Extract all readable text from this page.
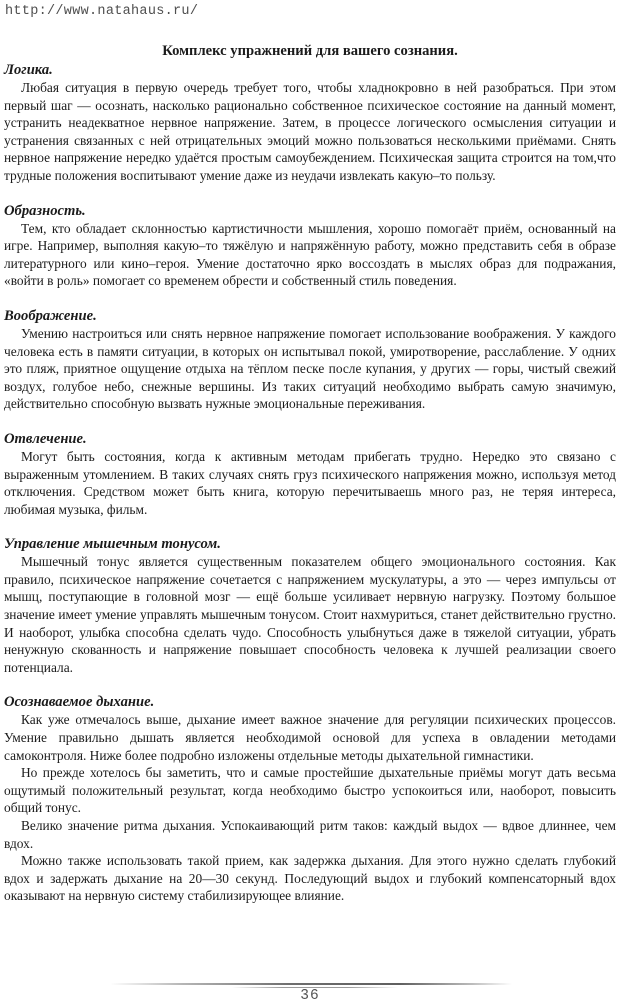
http://www.natahaus.ru/
Комплекс упражнений для вашего сознания.
Логика.

Любая ситуация в первую очередь требует того, чтобы хладнокровно в ней разобраться. При этом первый шаг — осознать, насколько рационально собственное психическое состояние на данный момент, устранить неадекватное нервное напряжение. Затем, в процессе логического осмысления ситуации и устранения связанных с ней отрицательных эмоций можно пользоваться несколькими приёмами. Снять нервное напряжение нередко удаётся простым самоубеждением. Психическая защита строится на том,что трудные положения воспитывают умение даже из неудачи извлекать какую–то пользу.

Образность.

Тем, кто обладает склонностью картистичности мышления, хорошо помогаёт приём, основанный на игре. Например, выполняя какую–то тяжёлую и напряжённую работу, можно представить себя в образе литературного или кино–героя. Умение достаточно ярко воссоздать в мыслях образ для подражания, «войти в роль» помогает со временем обрести и собственный стиль поведения.

Воображение.

Умению настроиться или снять нервное напряжение помогает использование воображения. У каждого человека есть в памяти ситуации, в которых он испытывал покой, умиротворение, расслабление. У одних это пляж, приятное ощущение отдыха на тёплом песке после купания, у других — горы, чистый свежий воздух, голубое небо, снежные вершины. Из таких ситуаций необходимо выбрать самую значимую, действительно способную вызвать нужные эмоциональные переживания.

Отвлечение.

Могут быть состояния, когда к активным методам прибегать трудно. Нередко это связано с выраженным утомлением. В таких случаях снять груз психического напряжения можно, используя метод отключения. Средством может быть книга, которую перечитываешь много раз, не теряя интереса, любимая музыка, фильм.

Управление мышечным тонусом.

Мышечный тонус является существенным показателем общего эмоционального состояния. Как правило, психическое напряжение сочетается с напряжением мускулатуры, а это — через импульсы от мышц, поступающие в головной мозг — ещё больше усиливает нервную нагрузку. Поэтому большое значение имеет умение управлять мышечным тонусом. Стоит нахмуриться, станет действительно грустно. И наоборот, улыбка способна сделать чудо. Способность улыбнуться даже в тяжелой ситуации, убрать ненужную скованность и напряжение повышает способность человека к лучшей реализации своего потенциала.

Осознаваемое дыхание.

Как уже отмечалось выше, дыхание имеет важное значение для регуляции психических процессов. Умение правильно дышать является необходимой основой для успеха в овладении методами самоконтроля. Ниже более подробно изложены отдельные методы дыхательной гимнастики.

Но прежде хотелось бы заметить, что и самые простейшие дыхательные приёмы могут дать весьма ощутимый положительный результат, когда необходимо быстро успокоиться или, наоборот, повысить общий тонус.

Велико значение ритма дыхания. Успокаивающий ритм таков: каждый выдох — вдвое длиннее, чем вдох.

Можно также использовать такой прием, как задержка дыхания. Для этого нужно сделать глубокий вдох и задержать дыхание на 20—30 секунд. Последующий выдох и глубокий компенсаторный вдох оказывают на нервную систему стабилизирующее влияние.

36
